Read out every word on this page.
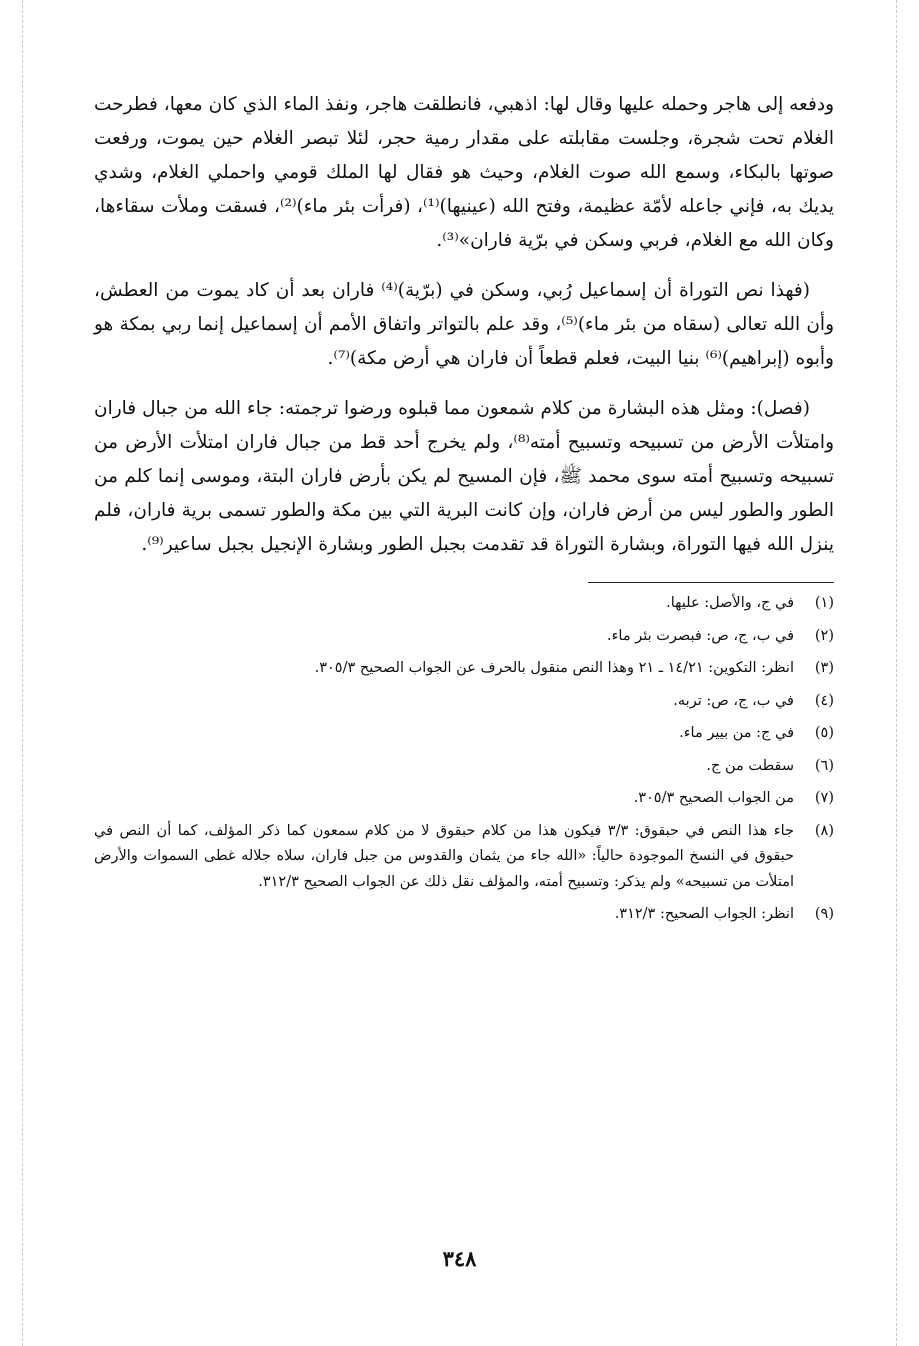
ودفعه إلى هاجر وحمله عليها وقال لها: اذهبي، فانطلقت هاجر، ونفذ الماء الذي كان معها، فطرحت الغلام تحت شجرة، وجلست مقابلته على مقدار رمية حجر، لئلا تبصر الغلام حين يموت، ورفعت صوتها بالبكاء، وسمع الله صوت الغلام، وحيث هو فقال لها الملك قومي واحملي الغلام، وشدي يديك به، فإني جاعله لأمّة عظيمة، وفتح الله (عينيها)⁽¹⁾، (فرأت بئر ماء)⁽²⁾، فسقت وملأت سقاءها، وكان الله مع الغلام، فربي وسكن في برّية فاران»⁽³⁾.

(فهذا نص التوراة أن إسماعيل رُبي، وسكن في (برّية)⁽⁴⁾ فاران بعد أن كاد يموت من العطش، وأن الله تعالى (سقاه من بئر ماء)⁽⁵⁾، وقد علم بالتواتر واتفاق الأمم أن إسماعيل إنما ربي بمكة هو وأبوه (إبراهيم)⁽⁶⁾ بنيا البيت، فعلم قطعاً أن فاران هي أرض مكة)⁽⁷⁾.

(فصل): ومثل هذه البشارة من كلام شمعون مما قبلوه ورضوا ترجمته: جاء الله من جبال فاران وامتلأت الأرض من تسبيحه وتسبيح أمته⁽⁸⁾، ولم يخرج أحد قط من جبال فاران امتلأت الأرض من تسبيحه وتسبيح أمته سوى محمد ﷺ، فإن المسيح لم يكن بأرض فاران البتة، وموسى إنما كلم من الطور والطور ليس من أرض فاران، وإن كانت البرية التي بين مكة والطور تسمى برية فاران، فلم ينزل الله فيها التوراة، وبشارة التوراة قد تقدمت بجبل الطور وبشارة الإنجيل بجبل ساعير⁽⁹⁾.

(١)
في ج، والأصل: عليها.
(٢)
في ب، ج، ص: فبصرت بئر ماء.
(٣)
انظر: التكوين: ١٤/٢١ ـ ٢١ وهذا النص منقول بالحرف عن الجواب الصحيح ٣٠٥/٣.
(٤)
في ب، ج، ص: تربه.
(٥)
في ج: من بيير ماء.
(٦)
سقطت من ج.
(٧)
من الجواب الصحيح ٣٠٥/٣.
(٨)
جاء هذا النص في حبقوق: ٣/٣ فيكون هذا من كلام حبقوق لا من كلام سمعون كما ذكر المؤلف، كما أن النص في حبقوق في النسخ الموجودة حالياً: «الله جاء من يثمان والقدوس من جبل فاران، سلاه جلاله غطى السموات والأرض امتلأت من تسبيحه» ولم يذكر: وتسبيح أمته، والمؤلف نقل ذلك عن الجواب الصحيح ٣١٢/٣.
(٩)
انظر: الجواب الصحيح: ٣١٢/٣.
٣٤٨
